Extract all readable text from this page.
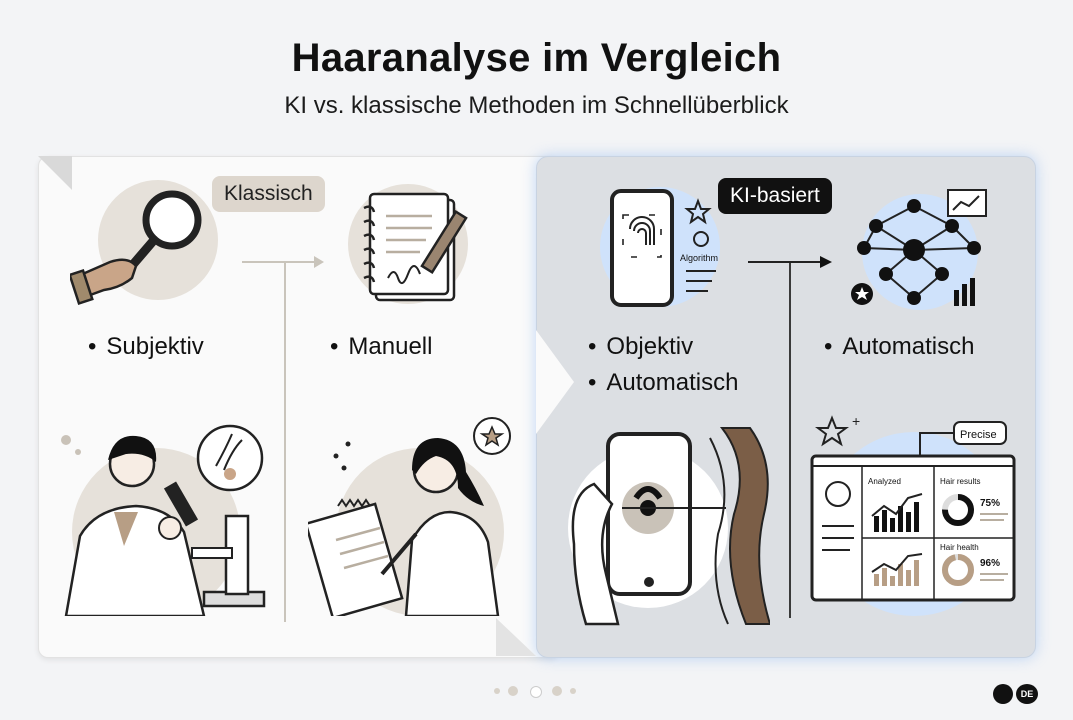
Haaranalyse im Vergleich
KI vs. klassische Methoden im Schnellüberblick
Klassisch	KI-basiert
• Subjektiv	• Manuell	• Objektiv
• Automatisch
• Automatisch
Algorithm
+
Precise
Analyzed	Hair results
Hair health
75%
96%
DE
